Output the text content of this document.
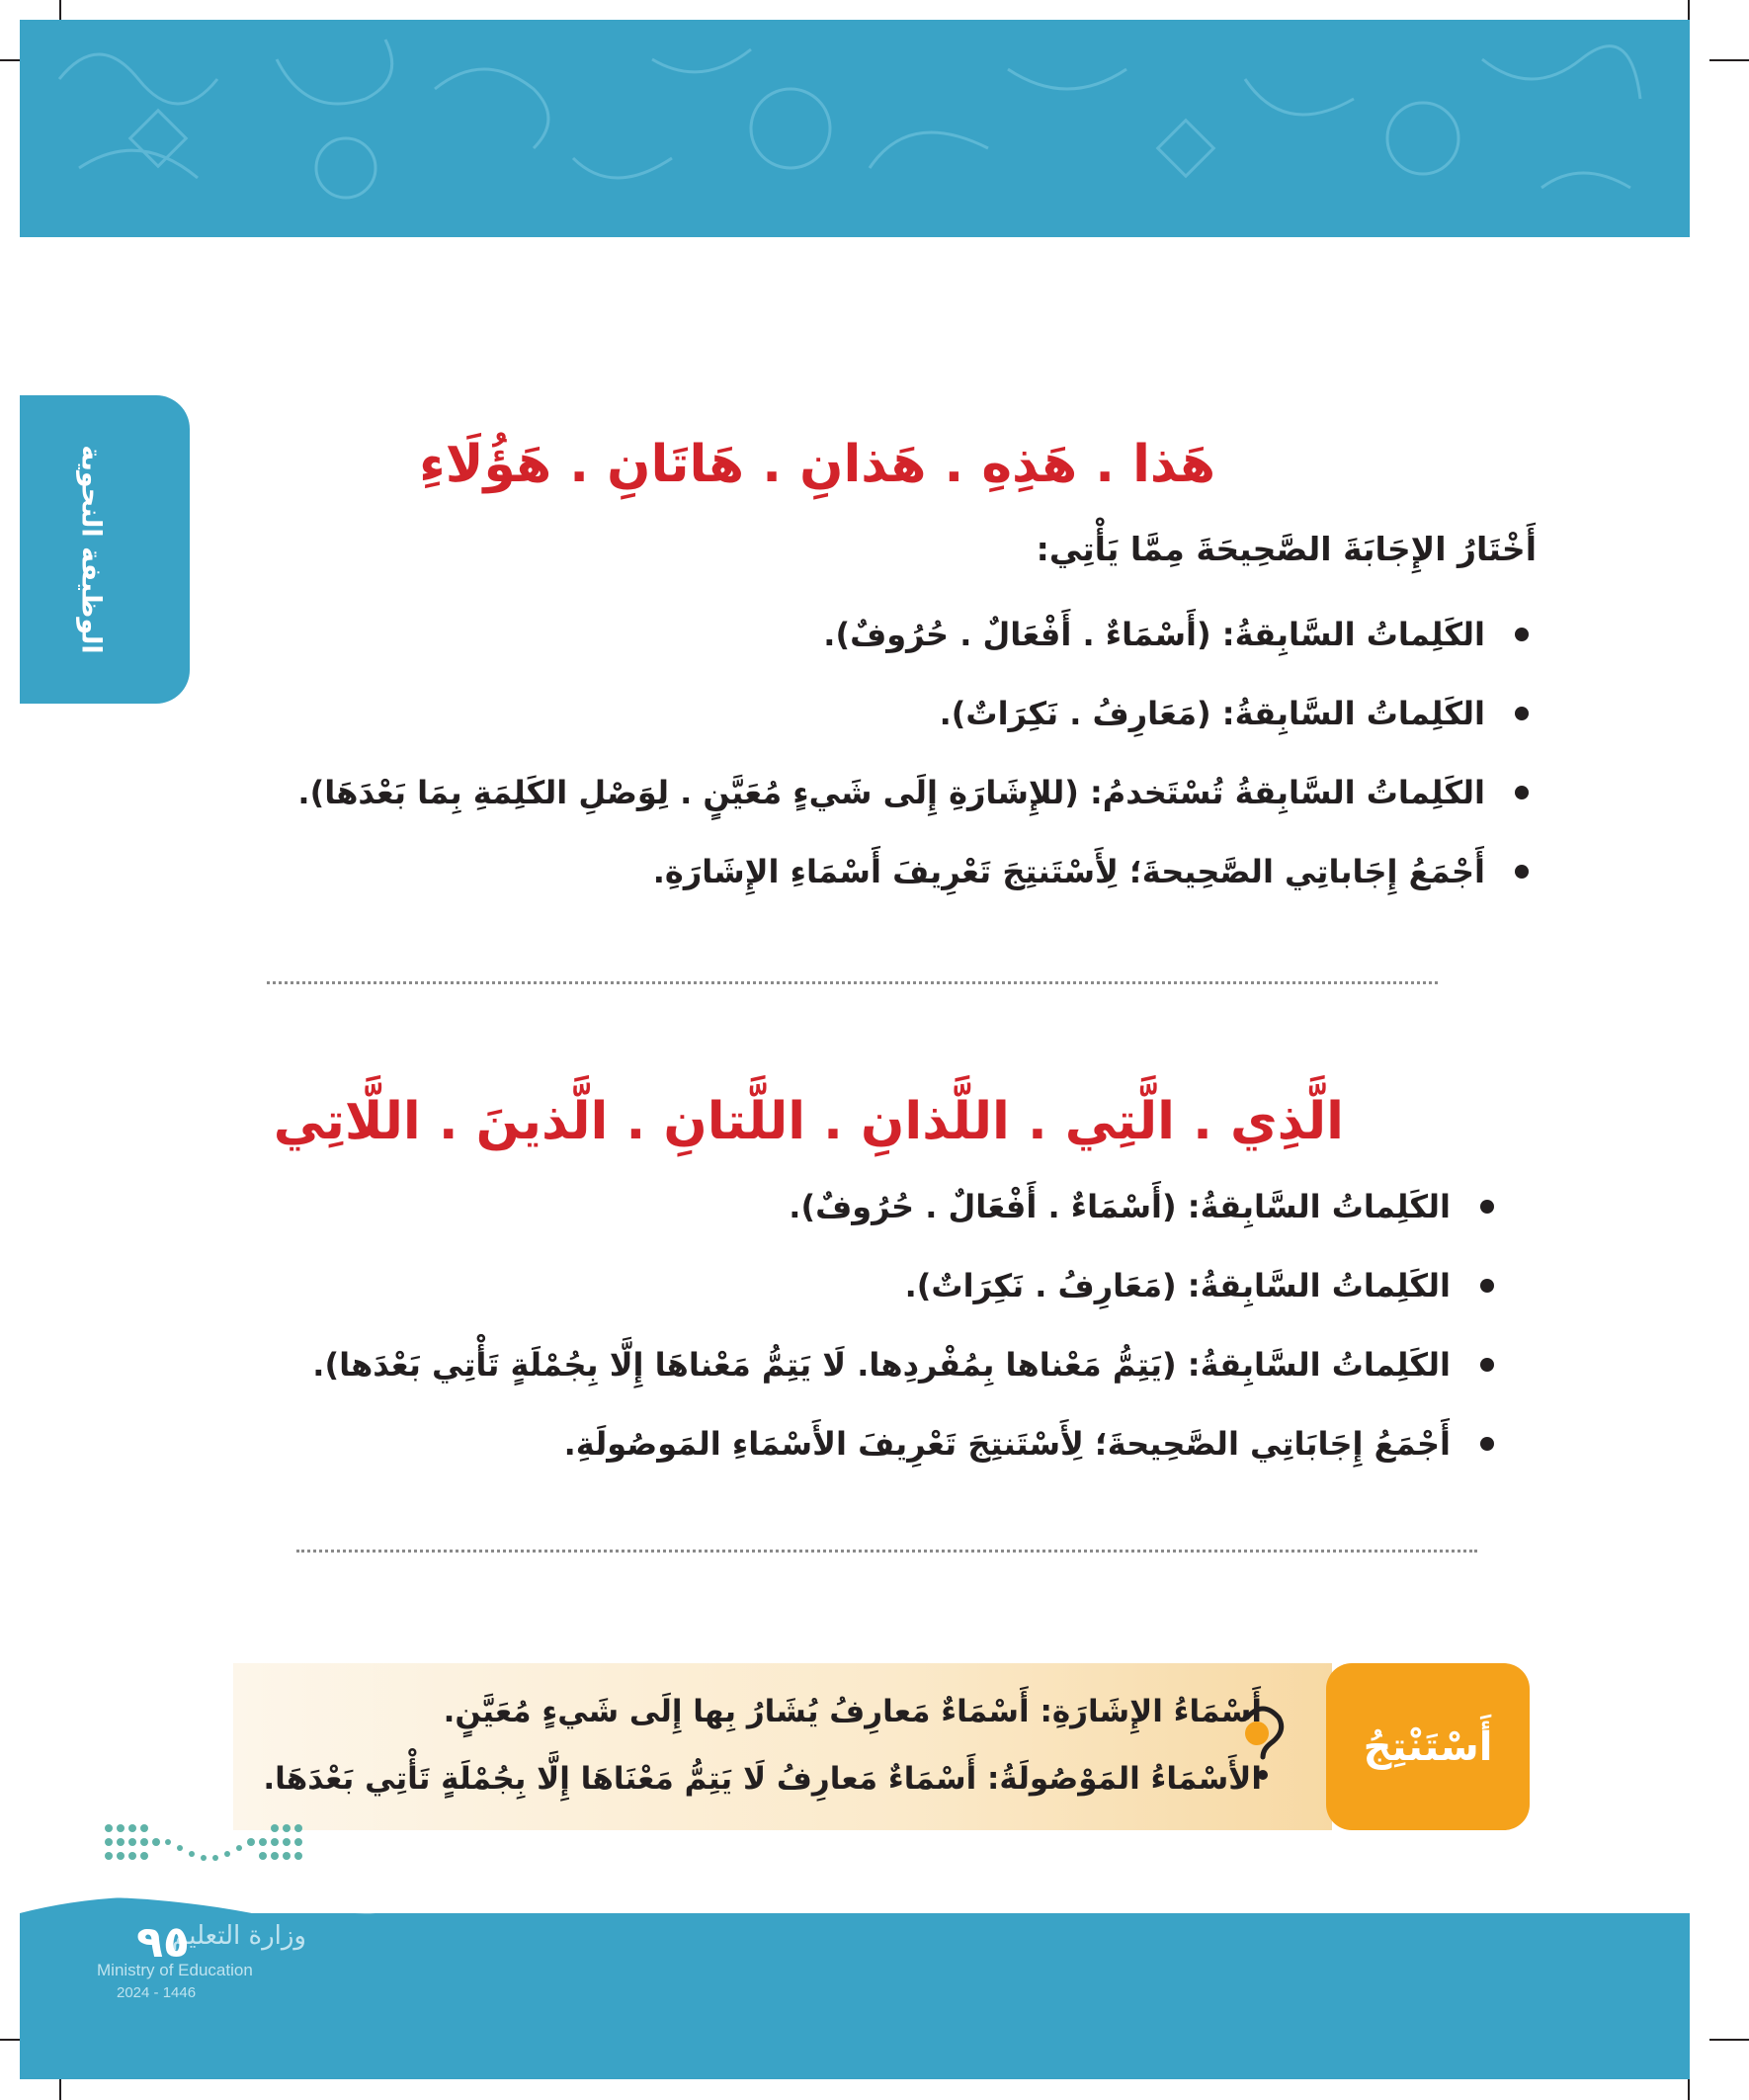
الوظيفة النحوية	هَذا . هَذِهِ . هَذانِ . هَاتَانِ . هَؤُلَاءِ
أَخْتَارُ الإِجَابَةَ الصَّحِيحَةَ مِمَّا يَأْتِي:
الكَلِماتُ السَّابِقةُ: (أَسْمَاءٌ . أَفْعَالٌ . حُرُوفٌ).
الكَلِماتُ السَّابِقةُ: (مَعَارِفُ . نَكِرَاتٌ).
الكَلِماتُ السَّابِقةُ تُسْتَخدمُ: (للإِشَارَةِ إِلَى شَيءٍ مُعَيَّنٍ . لِوَصْلِ الكَلِمَةِ بِمَا بَعْدَهَا).
أَجْمَعُ إِجَاباتِي الصَّحِيحةَ؛ لِأَسْتَنتِجَ تَعْرِيفَ أَسْمَاءِ الإِشَارَةِ.
الَّذِي . الَّتِي . اللَّذانِ . اللَّتانِ . الَّذينَ . اللَّاتِي
الكَلِماتُ السَّابِقةُ: (أَسْمَاءٌ . أَفْعَالٌ . حُرُوفٌ).
الكَلِماتُ السَّابِقةُ: (مَعَارِفُ . نَكِرَاتٌ).
الكَلِماتُ السَّابِقةُ: (يَتِمُّ مَعْناها بِمُفْردِها. لَا يَتِمُّ مَعْناهَا إِلَّا بِجُمْلَةٍ تَأْتِي بَعْدَها).
أَجْمَعُ إِجَابَاتِي الصَّحِيحةَ؛ لِأَسْتَنتِجَ تَعْرِيفَ الأَسْمَاءِ المَوصُولَةِ.
أَسْتَنْتِجُ
أَسْمَاءُ الإِشَارَةِ: أَسْمَاءٌ مَعارِفُ يُشَارُ بِها إِلَى شَيءٍ مُعَيَّنٍ.
الأَسْمَاءُ المَوْصُولَةُ: أَسْمَاءٌ مَعارِفُ لَا يَتِمُّ مَعْنَاهَا إِلَّا بِجُمْلَةٍ تَأْتِي بَعْدَهَا.
وزارة التعليم
Ministry of Education
2024 - 1446
٩٥
